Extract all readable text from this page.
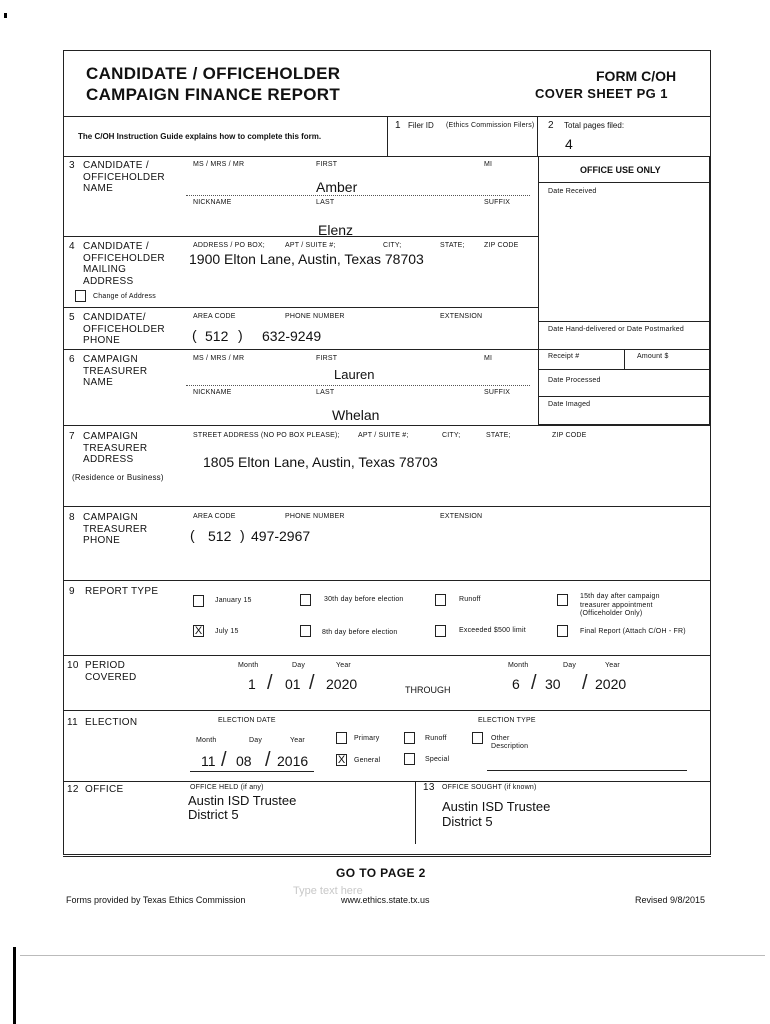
CANDIDATE / OFFICEHOLDER
CAMPAIGN FINANCE REPORT
FORM C/OH
COVER SHEET PG 1
The C/OH Instruction Guide explains how to complete this form.
1 Filer ID (Ethics Commission Filers) 2 Total pages filed:
4
OFFICE USE ONLY
Date Received
Date Hand-delivered or Date Postmarked
Receipt #	Amount $
Date Processed
Date Imaged
3 CANDIDATE / OFFICEHOLDER NAME
MS / MRS / MR	FIRST	MI
Amber
NICKNAME	LAST	SUFFIX
Elenz
4 CANDIDATE / OFFICEHOLDER MAILING ADDRESS
ADDRESS / PO BOX;	APT / SUITE #;	CITY;	STATE;	ZIP CODE
1900 Elton Lane, Austin, Texas 78703
Change of Address
5 CANDIDATE/ OFFICEHOLDER PHONE
AREA CODE	PHONE NUMBER	EXTENSION
( 512 ) 632-9249
6 CAMPAIGN TREASURER NAME
MS / MRS / MR	FIRST	MI
Lauren
NICKNAME	LAST	SUFFIX
Whelan
7 CAMPAIGN TREASURER ADDRESS
(Residence or Business)
STREET ADDRESS (NO PO BOX PLEASE);	APT / SUITE #;	CITY;	STATE;	ZIP CODE
1805 Elton Lane, Austin, Texas 78703
8 CAMPAIGN TREASURER PHONE
AREA CODE	PHONE NUMBER	EXTENSION
( 512 ) 497-2967
9 REPORT TYPE
January 15	30th day before election	Runoff	15th day after campaign treasurer appointment (Officeholder Only)
X July 15	8th day before election	Exceeded $500 limit	Final Report (Attach C/OH - FR)
10 PERIOD COVERED
Month	Day	Year
1 / 01 / 2020	THROUGH
Month	Day	Year
6 / 30 / 2020
11 ELECTION	ELECTION DATE	ELECTION TYPE
Month	Day	Year
11 / 08 / 2016
Primary	Runoff	Other Description
X General	Special
12 OFFICE	OFFICE HELD (if any)
Austin ISD Trustee
District 5
13 OFFICE SOUGHT (if known)
Austin ISD Trustee
District 5
GO TO PAGE 2
Type text here
Forms provided by Texas Ethics Commission	www.ethics.state.tx.us	Revised 9/8/2015
